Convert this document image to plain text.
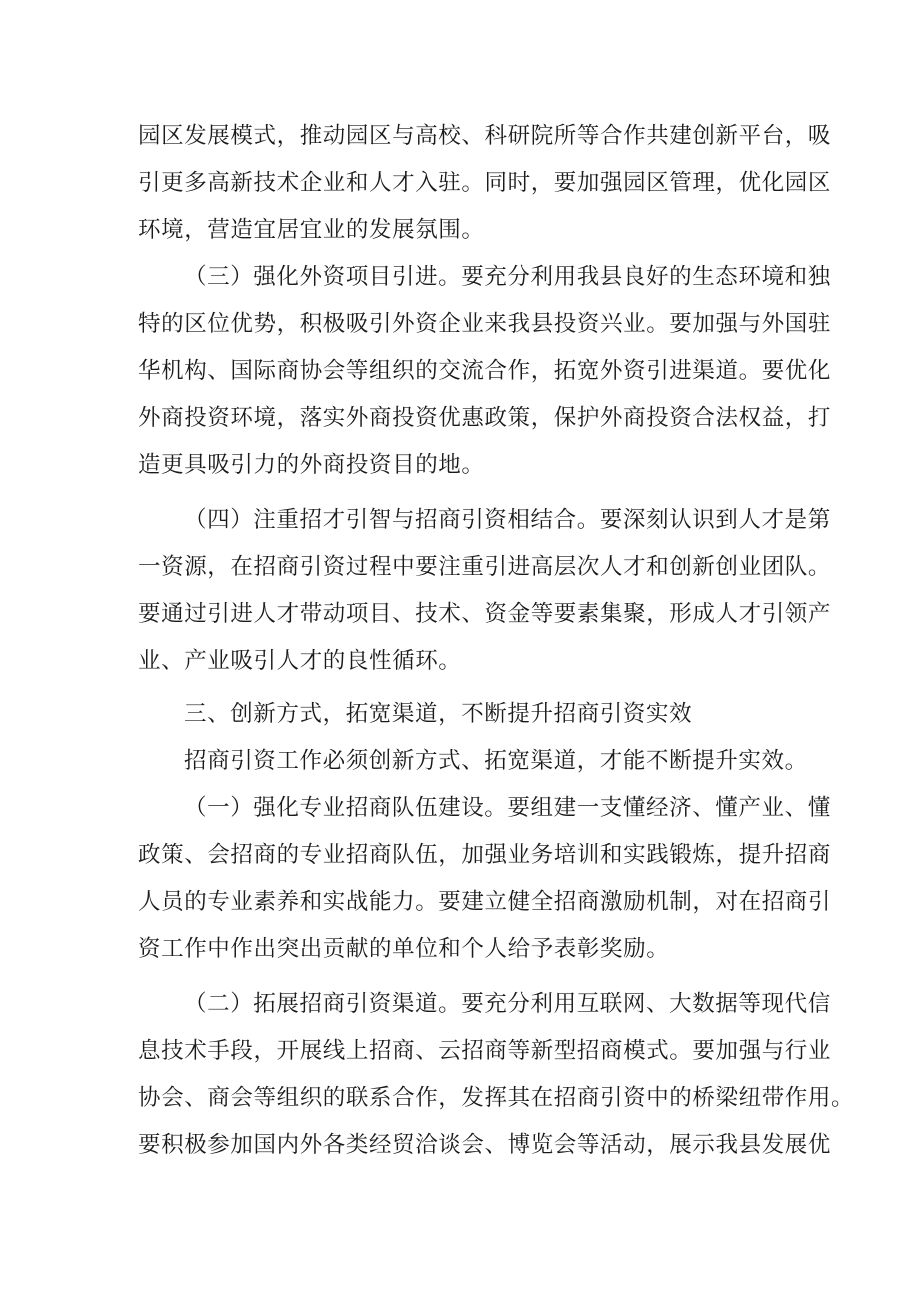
园区发展模式，推动园区与高校、科研院所等合作共建创新平台，吸
引更多高新技术企业和人才入驻。同时，要加强园区管理，优化园区
环境，营造宜居宜业的发展氛围。
（三）强化外资项目引进。要充分利用我县良好的生态环境和独
特的区位优势，积极吸引外资企业来我县投资兴业。要加强与外国驻
华机构、国际商协会等组织的交流合作，拓宽外资引进渠道。要优化
外商投资环境，落实外商投资优惠政策，保护外商投资合法权益，打
造更具吸引力的外商投资目的地。
（四）注重招才引智与招商引资相结合。要深刻认识到人才是第
一资源，在招商引资过程中要注重引进高层次人才和创新创业团队。
要通过引进人才带动项目、技术、资金等要素集聚，形成人才引领产
业、产业吸引人才的良性循环。
三、创新方式，拓宽渠道，不断提升招商引资实效
招商引资工作必须创新方式、拓宽渠道，才能不断提升实效。
（一）强化专业招商队伍建设。要组建一支懂经济、懂产业、懂
政策、会招商的专业招商队伍，加强业务培训和实践锻炼，提升招商
人员的专业素养和实战能力。要建立健全招商激励机制，对在招商引
资工作中作出突出贡献的单位和个人给予表彰奖励。
（二）拓展招商引资渠道。要充分利用互联网、大数据等现代信
息技术手段，开展线上招商、云招商等新型招商模式。要加强与行业
协会、商会等组织的联系合作，发挥其在招商引资中的桥梁纽带作用。
要积极参加国内外各类经贸洽谈会、博览会等活动，展示我县发展优
